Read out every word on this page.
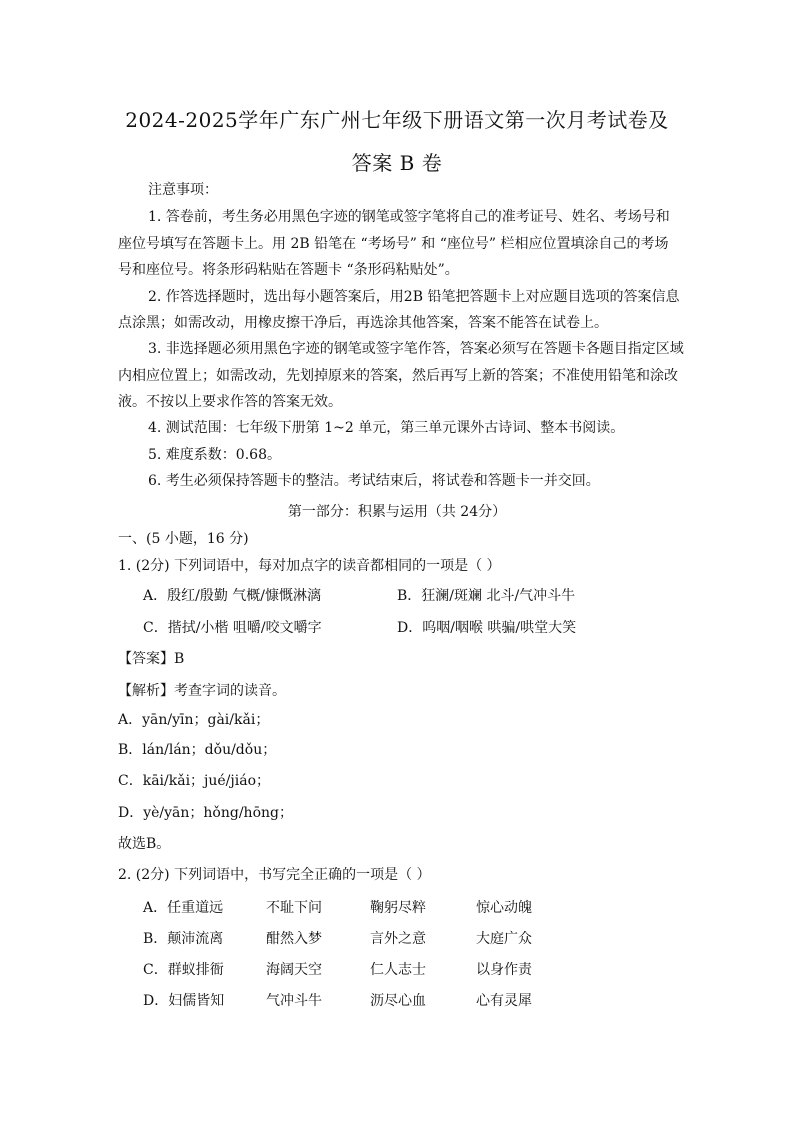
2024-2025学年广东广州七年级下册语文第一次月考试卷及
答案 B 卷
注意事项：
1. 答卷前，考生务必用黑色字迹的钢笔或签字笔将自己的准考证号、姓名、考场号和
座位号填写在答题卡上。用 2B 铅笔在 “考场号” 和 “座位号” 栏相应位置填涂自己的考场
号和座位号。将条形码粘贴在答题卡 “条形码粘贴处”。
2. 作答选择题时，选出每小题答案后，用2B 铅笔把答题卡上对应题目选项的答案信息
点涂黑；如需改动，用橡皮擦干净后，再选涂其他答案，答案不能答在试卷上。
3. 非选择题必须用黑色字迹的钢笔或签字笔作答，答案必须写在答题卡各题目指定区域
内相应位置上；如需改动，先划掉原来的答案，然后再写上新的答案；不准使用铅笔和涂改
液。不按以上要求作答的答案无效。
4. 测试范围：七年级下册第 1~2 单元，第三单元课外古诗词、整本书阅读。
5. 难度系数：0.68。
6. 考生必须保持答题卡的整洁。考试结束后，将试卷和答题卡一并交回。
第一部分：积累与运用（共 24分）
一、(5 小题，16 分)
1. (2分) 下列词语中，每对加点字的读音都相同的一项是（ ）
A．殷红/殷勤 气概/慷慨淋漓	B．狂澜/斑斓 北斗/气冲斗牛
C．揩拭/小楷 咀嚼/咬文嚼字	D．呜咽/咽喉 哄骗/哄堂大笑
【答案】B
【解析】考查字词的读音。
A．yān/yīn；gài/kǎi；
B．lán/lán；dǒu/dǒu；
C．kāi/kǎi；jué/jiáo；
D．yè/yān；hǒng/hōng；
故选B。
2. (2分) 下列词语中，书写完全正确的一项是（ ）
A．任重道远	不耻下问	鞠躬尽粹	惊心动魄
B．颠沛流离	酣然入梦	言外之意	大庭广众
C．群蚁排衙	海阔天空	仁人志士	以身作责
D．妇儒皆知	气冲斗牛	沥尽心血	心有灵犀
